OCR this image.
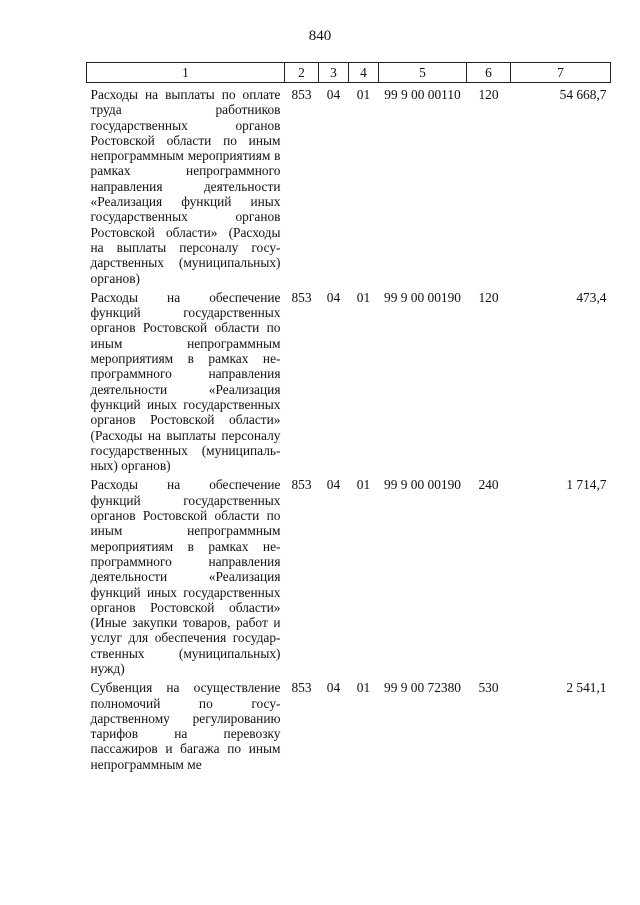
840
1	2	3	4	5	6	7
Расходы на выплаты по оплате труда работников государственных органов Ростовской области по иным непрограммным мероприятиям в рамках непрограммного направления деятельности «Реализация функций иных государственных органов Ростовской области» (Расходы на выплаты персоналу государственных (муниципальных) органов)	853	04	01	99 9 00 00110	120	54 668,7
Расходы на обеспечение функций государственных органов Ростовской области по иным непрограммным мероприятиям в рамках непрограммного направления деятельности «Реализация функций иных государственных органов Ростовской области» (Расходы на выплаты персоналу государственных (муниципальных) органов)	853	04	01	99 9 00 00190	120	473,4
Расходы на обеспечение функций государственных органов Ростовской области по иным непрограммным мероприятиям в рамках непрограммного направления деятельности «Реализация функций иных государственных органов Ростовской области» (Иные закупки товаров, работ и услуг для обеспечения государственных (муниципальных) нужд)	853	04	01	99 9 00 00190	240	1 714,7
Субвенция на осуществление полномочий по государственному регулированию тарифов на перевозку пассажиров и багажа по иным непрограммным ме	853	04	01	99 9 00 72380	530	2 541,1
